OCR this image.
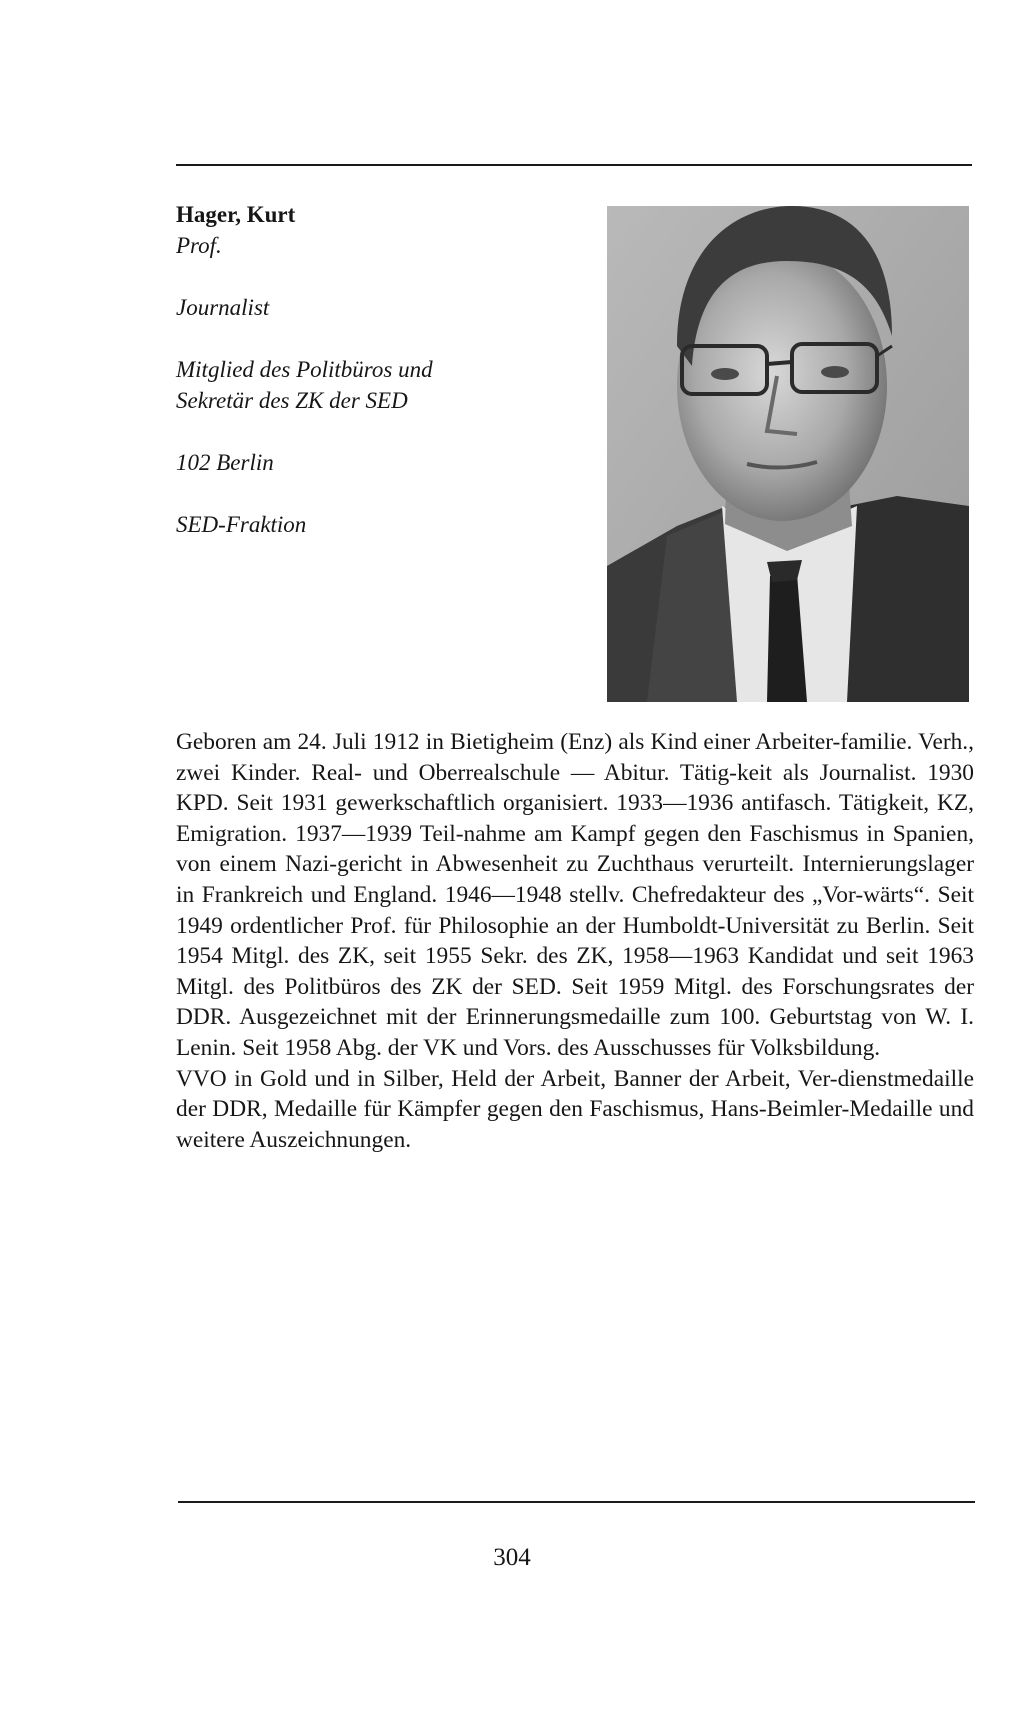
Hager, Kurt

Prof.

Journalist

Mitglied des Politbüros und

Sekretär des ZK der SED

102 Berlin

SED-Fraktion

Geboren am 24. Juli 1912 in Bietigheim (Enz) als Kind einer Arbeiter-familie. Verh., zwei Kinder. Real- und Oberrealschule — Abitur. Tätig-keit als Journalist. 1930 KPD. Seit 1931 gewerkschaftlich organisiert. 1933—1936 antifasch. Tätigkeit, KZ, Emigration. 1937—1939 Teil-nahme am Kampf gegen den Faschismus in Spanien, von einem Nazi-gericht in Abwesenheit zu Zuchthaus verurteilt. Internierungslager in Frankreich und England. 1946—1948 stellv. Chefredakteur des „Vor-wärts“. Seit 1949 ordentlicher Prof. für Philosophie an der Humboldt-Universität zu Berlin. Seit 1954 Mitgl. des ZK, seit 1955 Sekr. des ZK, 1958—1963 Kandidat und seit 1963 Mitgl. des Politbüros des ZK der SED. Seit 1959 Mitgl. des Forschungsrates der DDR. Ausgezeichnet mit der Erinnerungsmedaille zum 100. Geburtstag von W. I. Lenin. Seit 1958 Abg. der VK und Vors. des Ausschusses für Volksbildung.

VVO in Gold und in Silber, Held der Arbeit, Banner der Arbeit, Ver-dienstmedaille der DDR, Medaille für Kämpfer gegen den Faschismus, Hans-Beimler-Medaille und weitere Auszeichnungen.

304
